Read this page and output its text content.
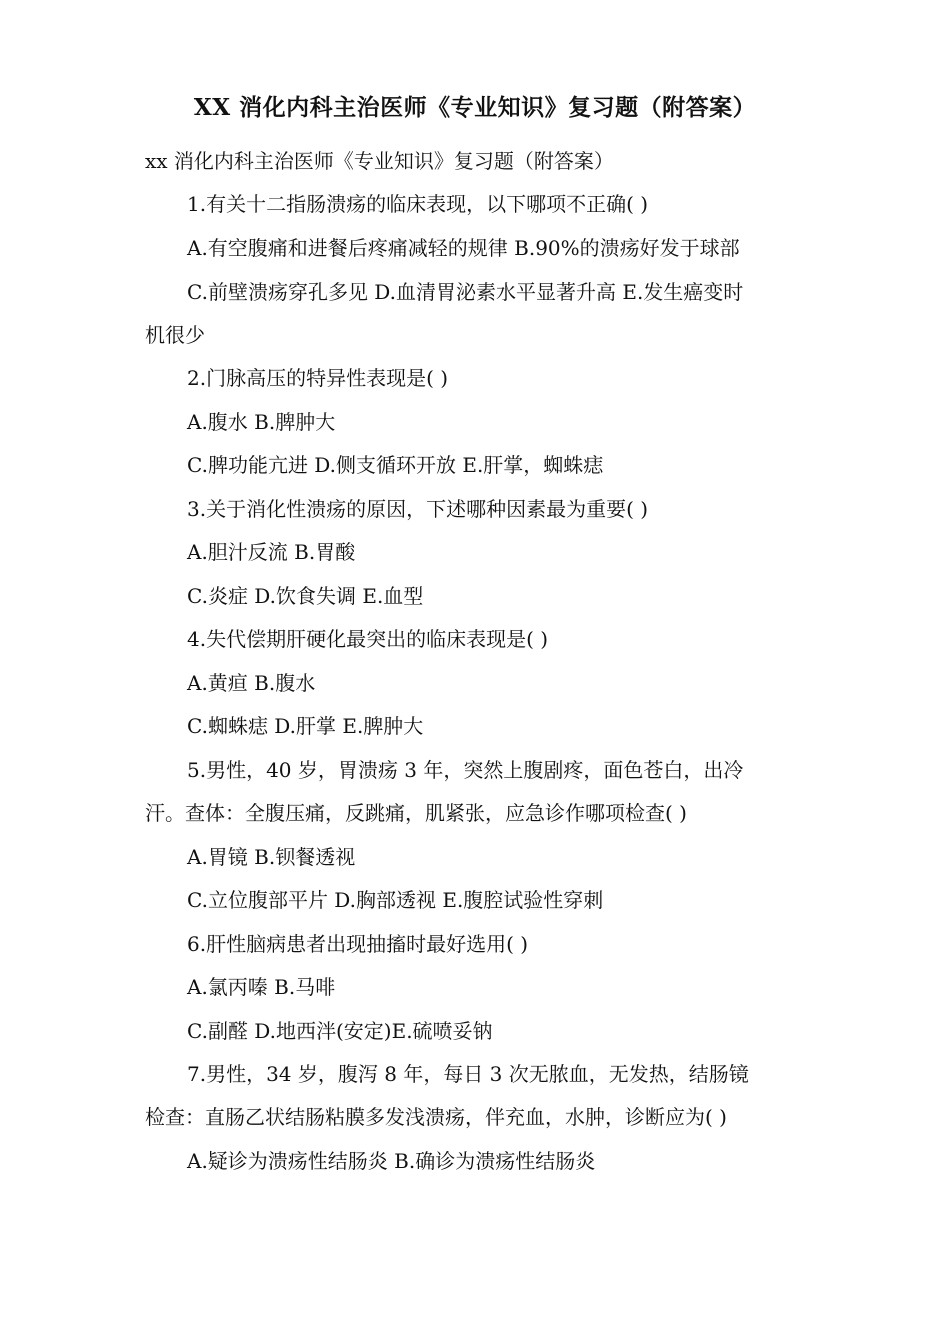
XX 消化内科主治医师《专业知识》复习题（附答案）
xx 消化内科主治医师《专业知识》复习题（附答案）
1.有关十二指肠溃疡的临床表现，以下哪项不正确( )
A.有空腹痛和进餐后疼痛减轻的规律 B.90%的溃疡好发于球部
C.前壁溃疡穿孔多见 D.血清胃泌素水平显著升高 E.发生癌变时
机很少
2.门脉高压的特异性表现是( )
A.腹水 B.脾肿大
C.脾功能亢进 D.侧支循环开放 E.肝掌，蜘蛛痣
3.关于消化性溃疡的原因，下述哪种因素最为重要( )
A.胆汁反流 B.胃酸
C.炎症 D.饮食失调 E.血型
4.失代偿期肝硬化最突出的临床表现是( )
A.黄疸 B.腹水
C.蜘蛛痣 D.肝掌 E.脾肿大
5.男性，40 岁，胃溃疡 3 年，突然上腹剧疼，面色苍白，出冷
汗。查体：全腹压痛，反跳痛，肌紧张，应急诊作哪项检查( )
A.胃镜 B.钡餐透视
C.立位腹部平片 D.胸部透视 E.腹腔试验性穿刺
6.肝性脑病患者出现抽搐时最好选用( )
A.氯丙嗪 B.马啡
C.副醛 D.地西泮(安定)E.硫喷妥钠
7.男性，34 岁，腹泻 8 年，每日 3 次无脓血，无发热，结肠镜
检查：直肠乙状结肠粘膜多发浅溃疡，伴充血，水肿，诊断应为( )
A.疑诊为溃疡性结肠炎 B.确诊为溃疡性结肠炎
